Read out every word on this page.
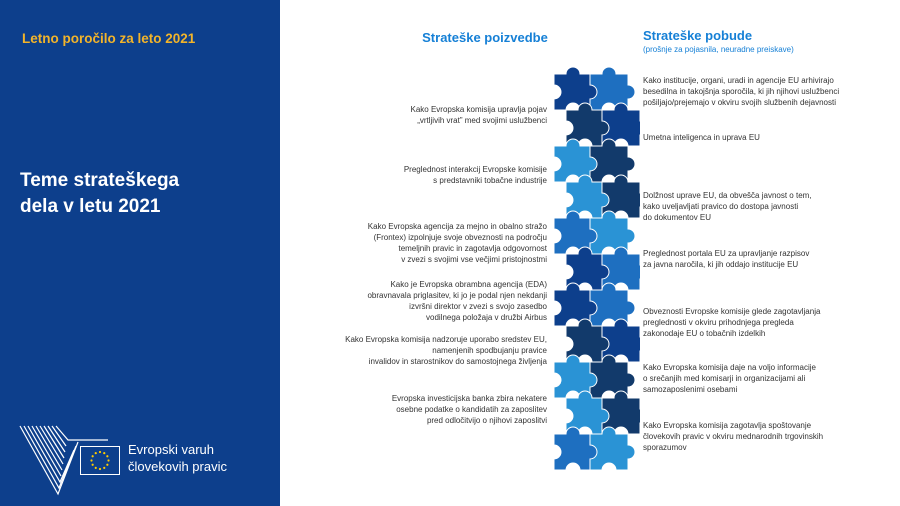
Letno poročilo za leto 2021

Teme strateškega
dela v letu 2021
Evropski varuh
človekovih pravic
Strateške poizvedbe	Strateške pobude

(prošnje za pojasnila, neuradne preiskave)

Kako Evropska komisija upravlja pojav
„vrtljivih vrat” med svojimi uslužbenci
Preglednost interakcij Evropske komisije
s predstavniki tobačne industrije
Kako Evropska agencija za mejno in obalno stražo
(Frontex) izpolnjuje svoje obveznosti na področju
temeljnih pravic in zagotavlja odgovornost
v zvezi s svojimi vse večjimi pristojnostmi
Kako je Evropska obrambna agencija (EDA)
obravnavala priglasitev, ki jo je podal njen nekdanji
izvršni direktor v zvezi s svojo zasedbo
vodilnega položaja v družbi Airbus
Kako Evropska komisija nadzoruje uporabo sredstev EU,
namenjenih spodbujanju pravice
invalidov in starostnikov do samostojnega življenja
Evropska investicijska banka zbira nekatere
osebne podatke o kandidatih za zaposlitev
pred odločitvijo o njihovi zaposlitvi
Kako institucije, organi, uradi in agencije EU arhivirajo
besedilna in takojšnja sporočila, ki jih njihovi uslužbenci
pošiljajo/prejemajo v okviru svojih službenih dejavnosti
Umetna inteligenca in uprava EU
Dolžnost uprave EU, da obvešča javnost o tem,
kako uveljavljati pravico do dostopa javnosti
do dokumentov EU
Preglednost portala EU za upravljanje razpisov
za javna naročila, ki jih oddajo institucije EU
Obveznosti Evropske komisije glede zagotavljanja
preglednosti v okviru prihodnjega pregleda
zakonodaje EU o tobačnih izdelkih
Kako Evropska komisija daje na voljo informacije
o srečanjih med komisarji in organizacijami ali
samozaposlenimi osebami
Kako Evropska komisija zagotavlja spoštovanje
človekovih pravic v okviru mednarodnih trgovinskih
sporazumov
